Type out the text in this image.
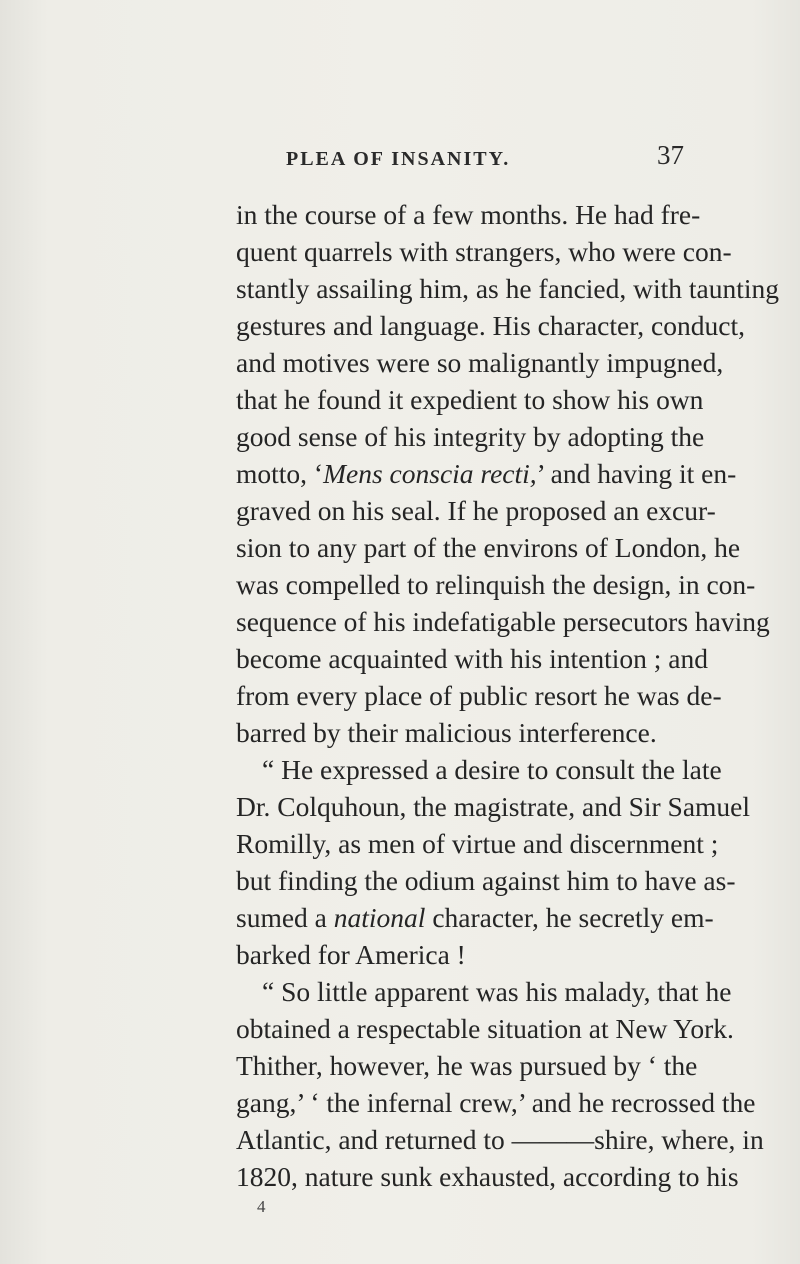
PLEA OF INSANITY.	37
in the course of a few months. He had fre-
quent quarrels with strangers, who were con-
stantly assailing him, as he fancied, with taunting
gestures and language. His character, conduct,
and motives were so malignantly impugned,
that he found it expedient to show his own
good sense of his integrity by adopting the
motto, ‘Mens conscia recti,’ and having it en-
graved on his seal. If he proposed an excur-
sion to any part of the environs of London, he
was compelled to relinquish the design, in con-
sequence of his indefatigable persecutors having
become acquainted with his intention ; and
from every place of public resort he was de-
barred by their malicious interference.
“ He expressed a desire to consult the late
Dr. Colquhoun, the magistrate, and Sir Samuel
Romilly, as men of virtue and discernment ;
but finding the odium against him to have as-
sumed a national character, he secretly em-
barked for America !
“ So little apparent was his malady, that he
obtained a respectable situation at New York.
Thither, however, he was pursued by ‘ the
gang,’ ‘ the infernal crew,’ and he recrossed the
Atlantic, and returned to ———shire, where, in
1820, nature sunk exhausted, according to his
4
